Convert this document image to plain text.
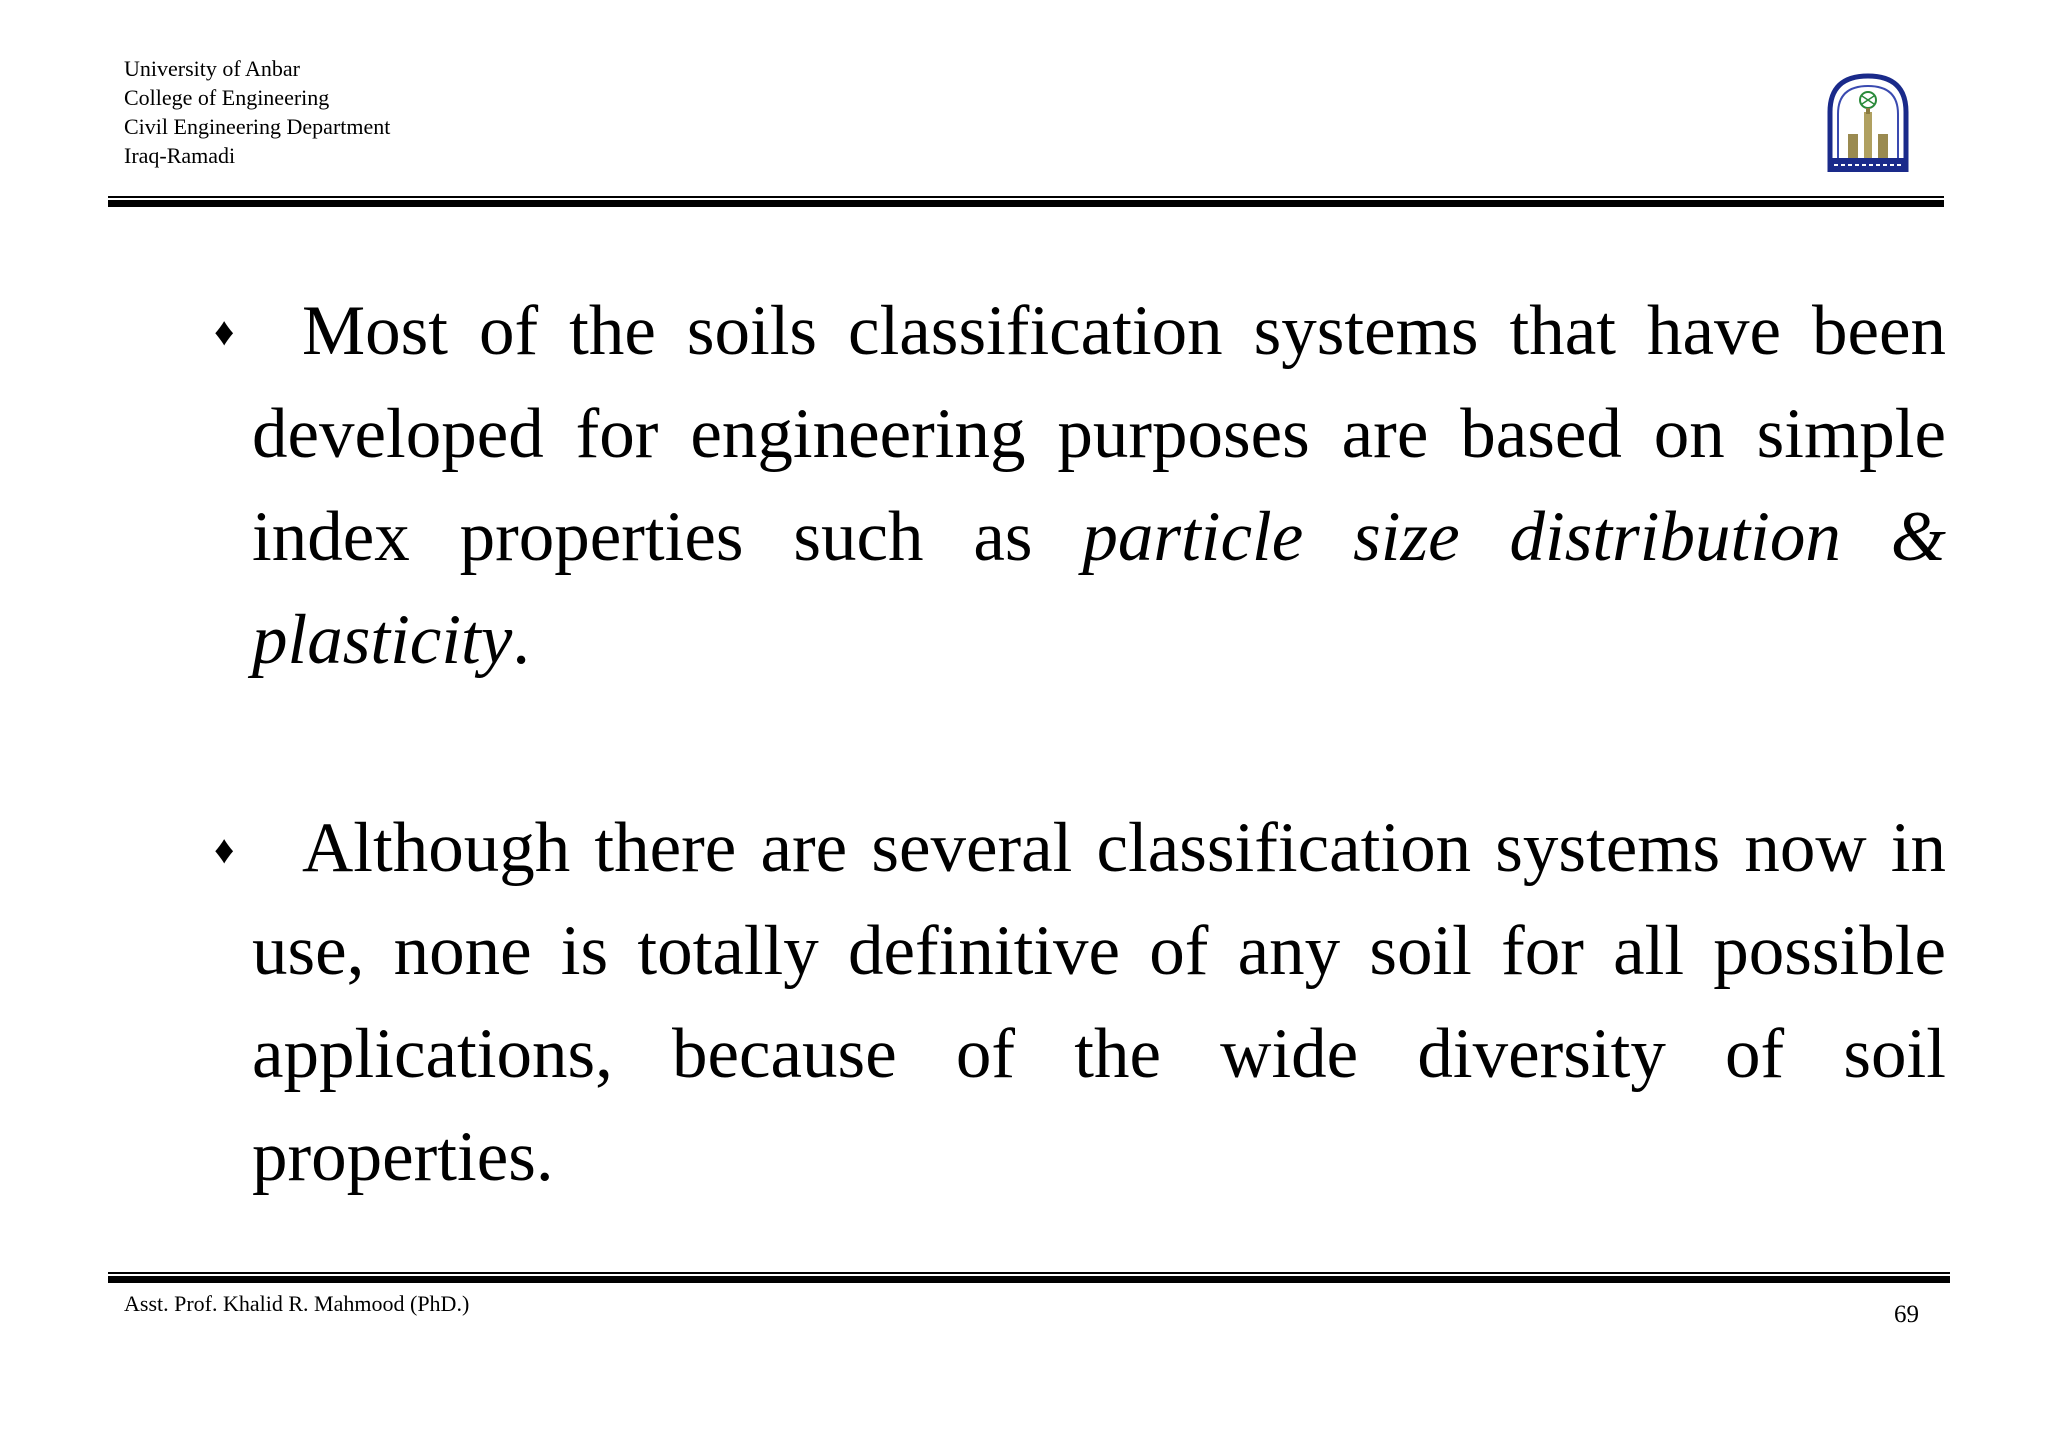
University of Anbar
College of Engineering
Civil Engineering Department
Iraq-Ramadi
♦ Most of the soils classification systems that have been developed for engineering purposes are based on simple index properties such as particle size distribution & plasticity.
♦ Although there are several classification systems now in use, none is totally definitive of any soil for all possible applications, because of the wide diversity of soil properties.
Asst. Prof. Khalid R. Mahmood (PhD.)	69
